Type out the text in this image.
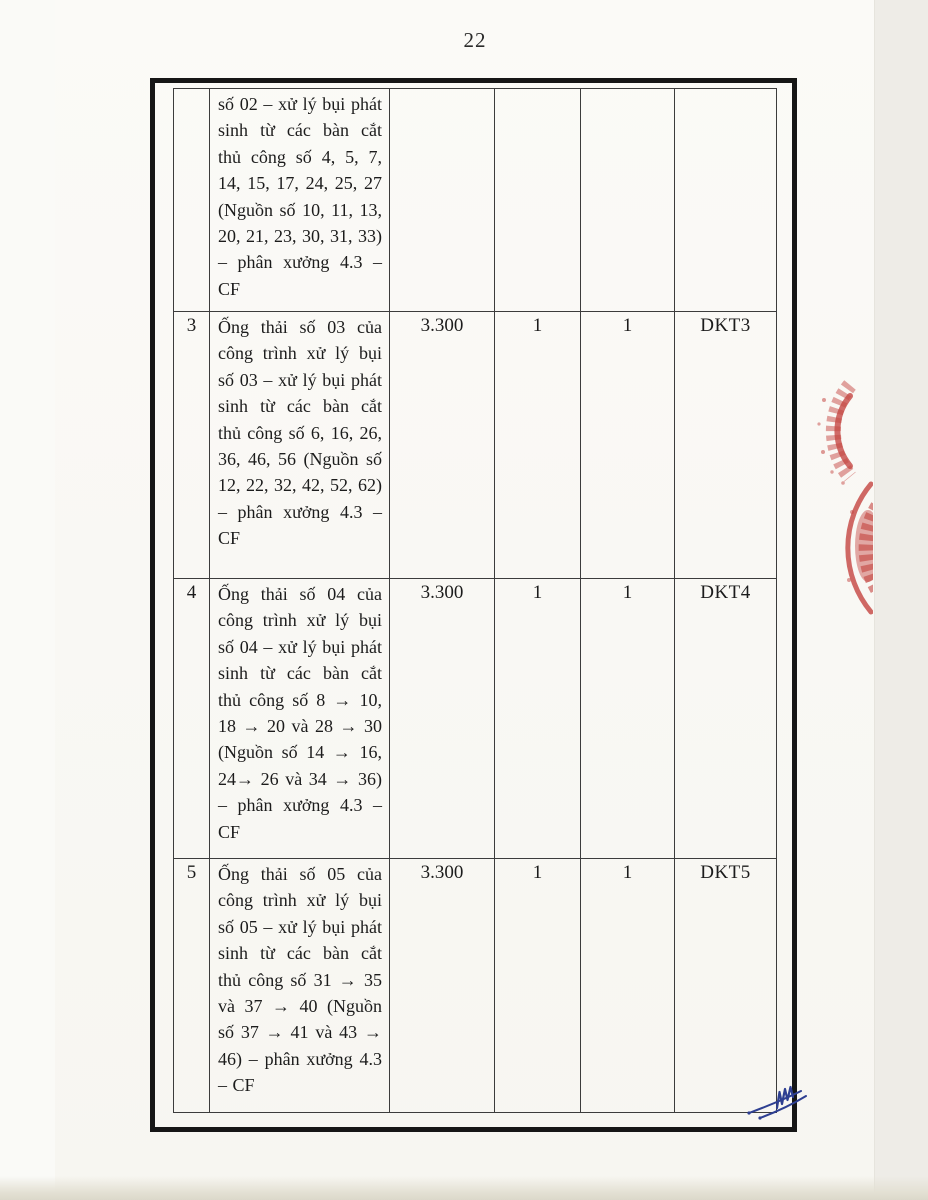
22
	số 02 – xử lý bụi phát sinh từ các bàn cắt thủ công số 4, 5, 7, 14, 15, 17, 24, 25, 27 (Nguồn số 10, 11, 13, 20, 21, 23, 30, 31, 33) – phân xưởng 4.3 – CF				
3	Ống thải số 03 của công trình xử lý bụi số 03 – xử lý bụi phát sinh từ các bàn cắt thủ công số 6, 16, 26, 36, 46, 56 (Nguồn số 12, 22, 32, 42, 52, 62) – phân xưởng 4.3 – CF	3.300	1	1	DKT3
4	Ống thải số 04 của công trình xử lý bụi số 04 – xử lý bụi phát sinh từ các bàn cắt thủ công số 8 → 10, 18 → 20 và 28 → 30 (Nguồn số 14 → 16, 24→ 26 và 34 → 36) – phân xưởng 4.3 – CF	3.300	1	1	DKT4
5	Ống thải số 05 của công trình xử lý bụi số 05 – xử lý bụi phát sinh từ các bàn cắt thủ công số 31 → 35 và 37 → 40 (Nguồn số 37 → 41 và 43 → 46) – phân xưởng 4.3 – CF	3.300	1	1	DKT5
